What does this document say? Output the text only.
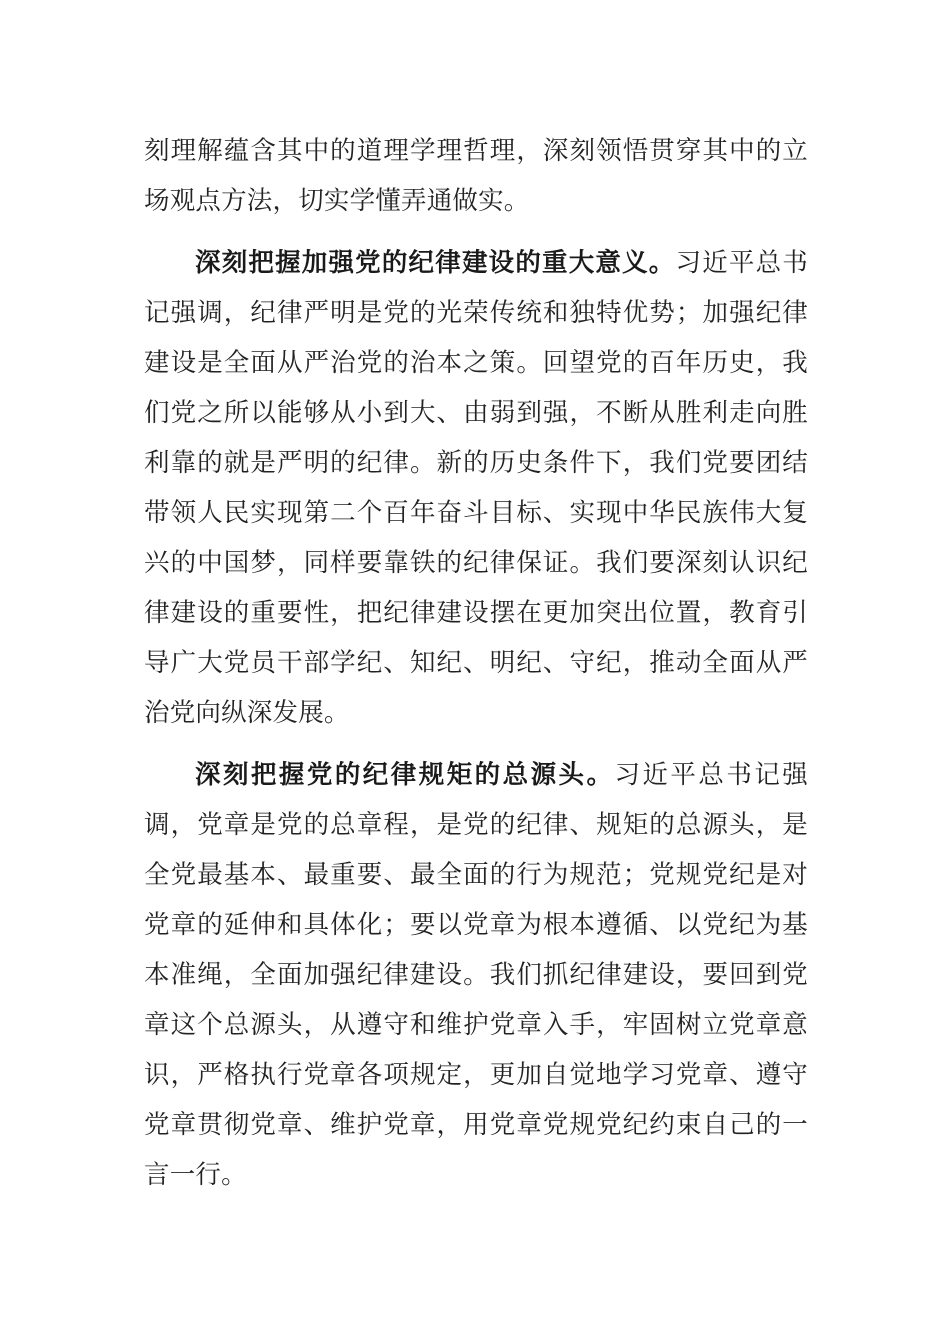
刻理解蕴含其中的道理学理哲理，深刻领悟贯穿其中的立场观点方法，切实学懂弄通做实。

深刻把握加强党的纪律建设的重大意义。习近平总书记强调，纪律严明是党的光荣传统和独特优势；加强纪律建设是全面从严治党的治本之策。回望党的百年历史，我们党之所以能够从小到大、由弱到强，不断从胜利走向胜利靠的就是严明的纪律。新的历史条件下，我们党要团结带领人民实现第二个百年奋斗目标、实现中华民族伟大复兴的中国梦，同样要靠铁的纪律保证。我们要深刻认识纪律建设的重要性，把纪律建设摆在更加突出位置，教育引导广大党员干部学纪、知纪、明纪、守纪，推动全面从严治党向纵深发展。

深刻把握党的纪律规矩的总源头。习近平总书记强调，党章是党的总章程，是党的纪律、规矩的总源头，是全党最基本、最重要、最全面的行为规范；党规党纪是对党章的延伸和具体化；要以党章为根本遵循、以党纪为基本准绳，全面加强纪律建设。我们抓纪律建设，要回到党章这个总源头，从遵守和维护党章入手，牢固树立党章意识，严格执行党章各项规定，更加自觉地学习党章、遵守党章贯彻党章、维护党章，用党章党规党纪约束自己的一言一行。
